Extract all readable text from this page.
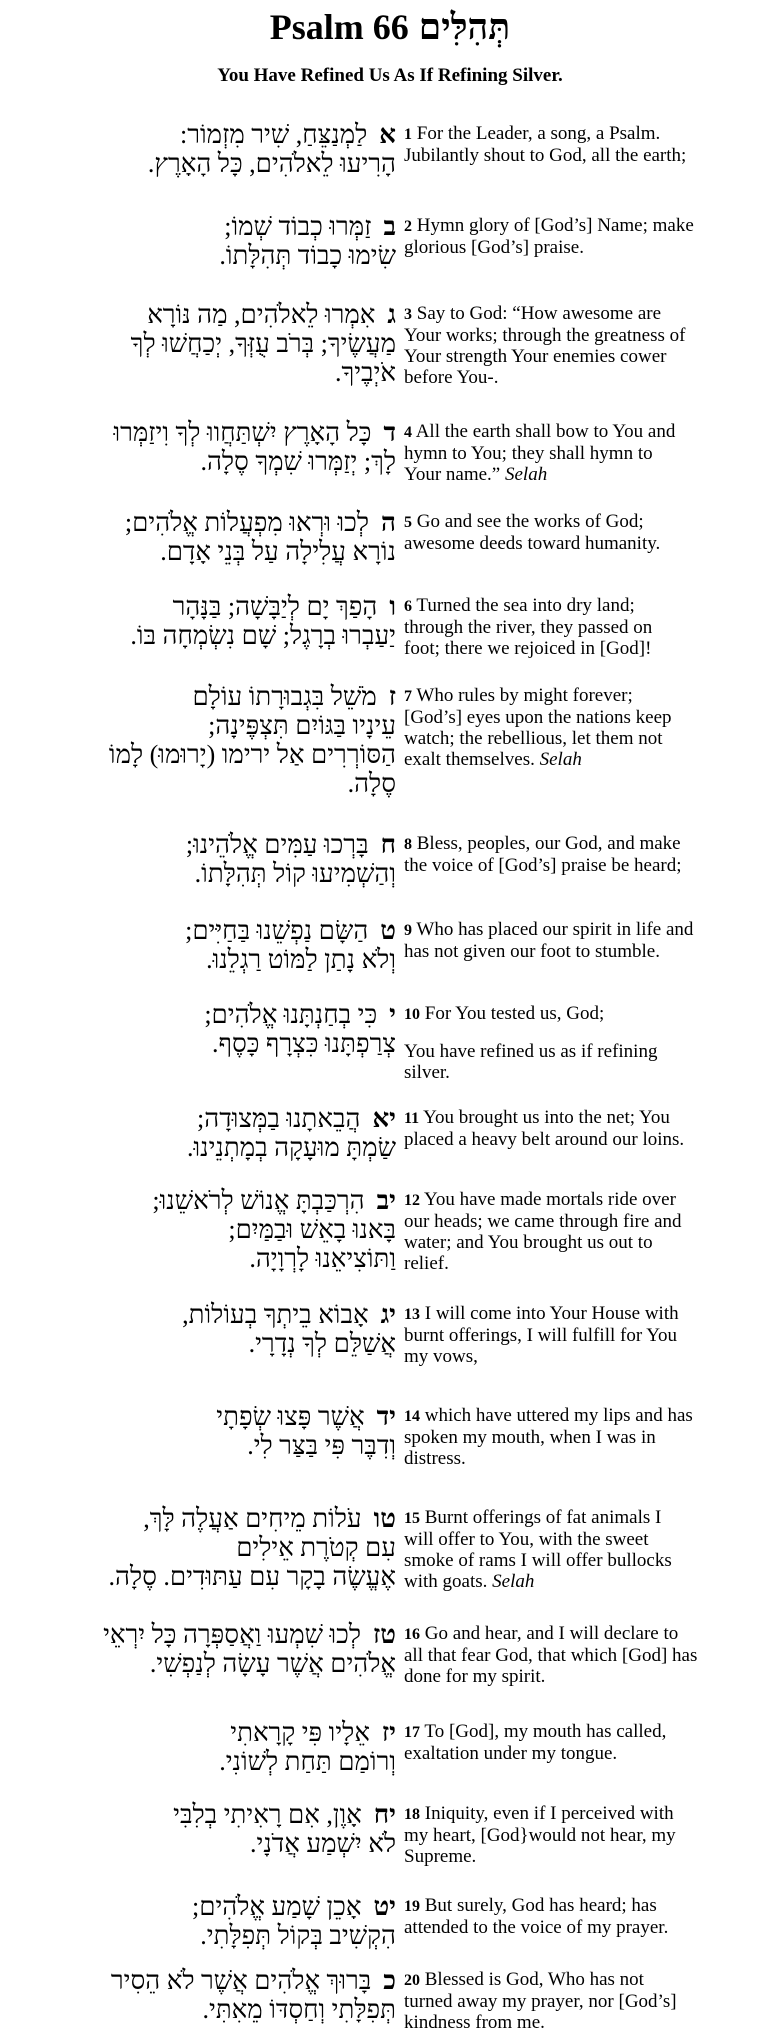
Psalm 66 תְּהִלִּים
You Have Refined Us As If Refining Silver.
אלַמְנַצֵּחַ, שִׁיר מִזְמוֹר:
הָרִיעוּ לֵאלֹהִים, כָּל הָאָרֶץ.
1 For the Leader, a song, a Psalm.
Jubilantly shout to God, all the earth;
בזַמְּרוּ כְבוֹד שְׁמוֹ;
שִׂימוּ כָבוֹד תְּהִלָּתוֹ.
2 Hymn glory of [God’s] Name; make
glorious [God’s] praise.
גאִמְרוּ לֵאלֹהִים, מַה נּוֹרָא
מַעֲשֶׂיךָ; בְּרֹב עֻזְּךָ, יְכַחֲשׁוּ לְךָ
אֹיְבֶיךָ.
3 Say to God: “How awesome are
Your works; through the greatness of
Your strength Your enemies cower
before You-.
דכָּל הָאָרֶץ יִשְׁתַּחֲווּ לְךָ וִיזַמְּרוּ
לָךְ; יְזַמְּרוּ שִׁמְךָ סֶלָה.
4 All the earth shall bow to You and
hymn to You; they shall hymn to
Your name.” Selah
הלְכוּ וּרְאוּ מִפְעֲלוֹת אֱלֹהִים;
נוֹרָא עֲלִילָה עַל בְּנֵי אָדָם.
5 Go and see the works of God;
awesome deeds toward humanity.
והָפַךְ יָם לְיַבָּשָׁה; בַּנָּהָר
יַעַבְרוּ בְרָגֶל; שָׁם נִשְׂמְחָה בּוֹ.
6 Turned the sea into dry land;
through the river, they passed on
foot; there we rejoiced in [God]!
זמֹשֵׁל בִּגְבוּרָתוֹ עוֹלָם
עֵינָיו בַּגּוֹיִם תִּצְפֶּינָה;
הַסּוֹרְרִים אַל ירימו (יָרוּמוּ) לָמוֹ
סֶלָה.
7 Who rules by might forever;
[God’s] eyes upon the nations keep
watch; the rebellious, let them not
exalt themselves. Selah
חבָּרְכוּ עַמִּים אֱלֹהֵינוּ;
וְהַשְׁמִיעוּ קוֹל תְּהִלָּתוֹ.
8 Bless, peoples, our God, and make
the voice of [God’s] praise be heard;
טהַשָּׂם נַפְשֵׁנוּ בַּחַיִּים;
וְלֹא נָתַן לַמּוֹט רַגְלֵנוּ.
9 Who has placed our spirit in life and
has not given our foot to stumble.
יכִּי בְחַנְתָּנוּ אֱלֹהִים;
צְרַפְתָּנוּ כִּצְרָף כָּסֶף.
10 For You tested us, God;
You have refined us as if refining
silver.
יאהֲבֵאתָנוּ בַמְּצוּדָה;
שַׂמְתָּ מוּעָקָה בְמָתְנֵינוּ.
11 You brought us into the net; You
placed a heavy belt around our loins.
יבהִרְכַּבְתָּ אֱנוֹשׁ לְרֹאשֵׁנוּ;
בָּאנוּ בָאֵשׁ וּבַמַּיִם;
וַתּוֹצִיאֵנוּ לָרְוָיָה.
12 You have made mortals ride over
our heads; we came through fire and
water; and You brought us out to
relief.
יגאָבוֹא בֵיתְךָ בְעוֹלוֹת,
אֲשַׁלֵּם לְךָ נְדָרָי.
13 I will come into Your House with
burnt offerings, I will fulfill for You
my vows,
ידאֲשֶׁר פָּצוּ שְׂפָתָי
וְדִבֶּר פִּי בַּצַּר לִי.
14 which have uttered my lips and has
spoken my mouth, when I was in
distress.
טועֹלוֹת מֵיחִים אַעֲלֶה לָּךְ,
עִם קְטֹרֶת אֵילִים
אֶעֱשֶׂה בָקָר עִם עַתּוּדִים. סֶלָה.
15 Burnt offerings of fat animals I
will offer to You, with the sweet
smoke of rams I will offer bullocks
with goats. Selah
טזלְכוּ שִׁמְעוּ וַאֲסַפְּרָה כָּל יִרְאֵי
אֱלֹהִים אֲשֶׁר עָשָׂה לְנַפְשִׁי.
16 Go and hear, and I will declare to
all that fear God, that which [God] has
done for my spirit.
יזאֵלָיו פִּי קָרָאתִי
וְרוֹמַם תַּחַת לְשׁוֹנִי.
17 To [God], my mouth has called,
exaltation under my tongue.
יחאָוֶן, אִם רָאִיתִי בְלִבִּי
לֹא יִשְׁמַע אֲדֹנָי.
18 Iniquity, even if I perceived with
my heart, [God}would not hear, my
Supreme.
יטאָכֵן שָׁמַע אֱלֹהִים;
הִקְשִׁיב בְּקוֹל תְּפִלָּתִי.
19 But surely, God has heard; has
attended to the voice of my prayer.
כבָּרוּךְ אֱלֹהִים אֲשֶׁר לֹא הֵסִיר
תְּפִלָּתִי וְחַסְדּוֹ מֵאִתִּי.
20 Blessed is God, Who has not
turned away my prayer, nor [God’s]
kindness from me.
